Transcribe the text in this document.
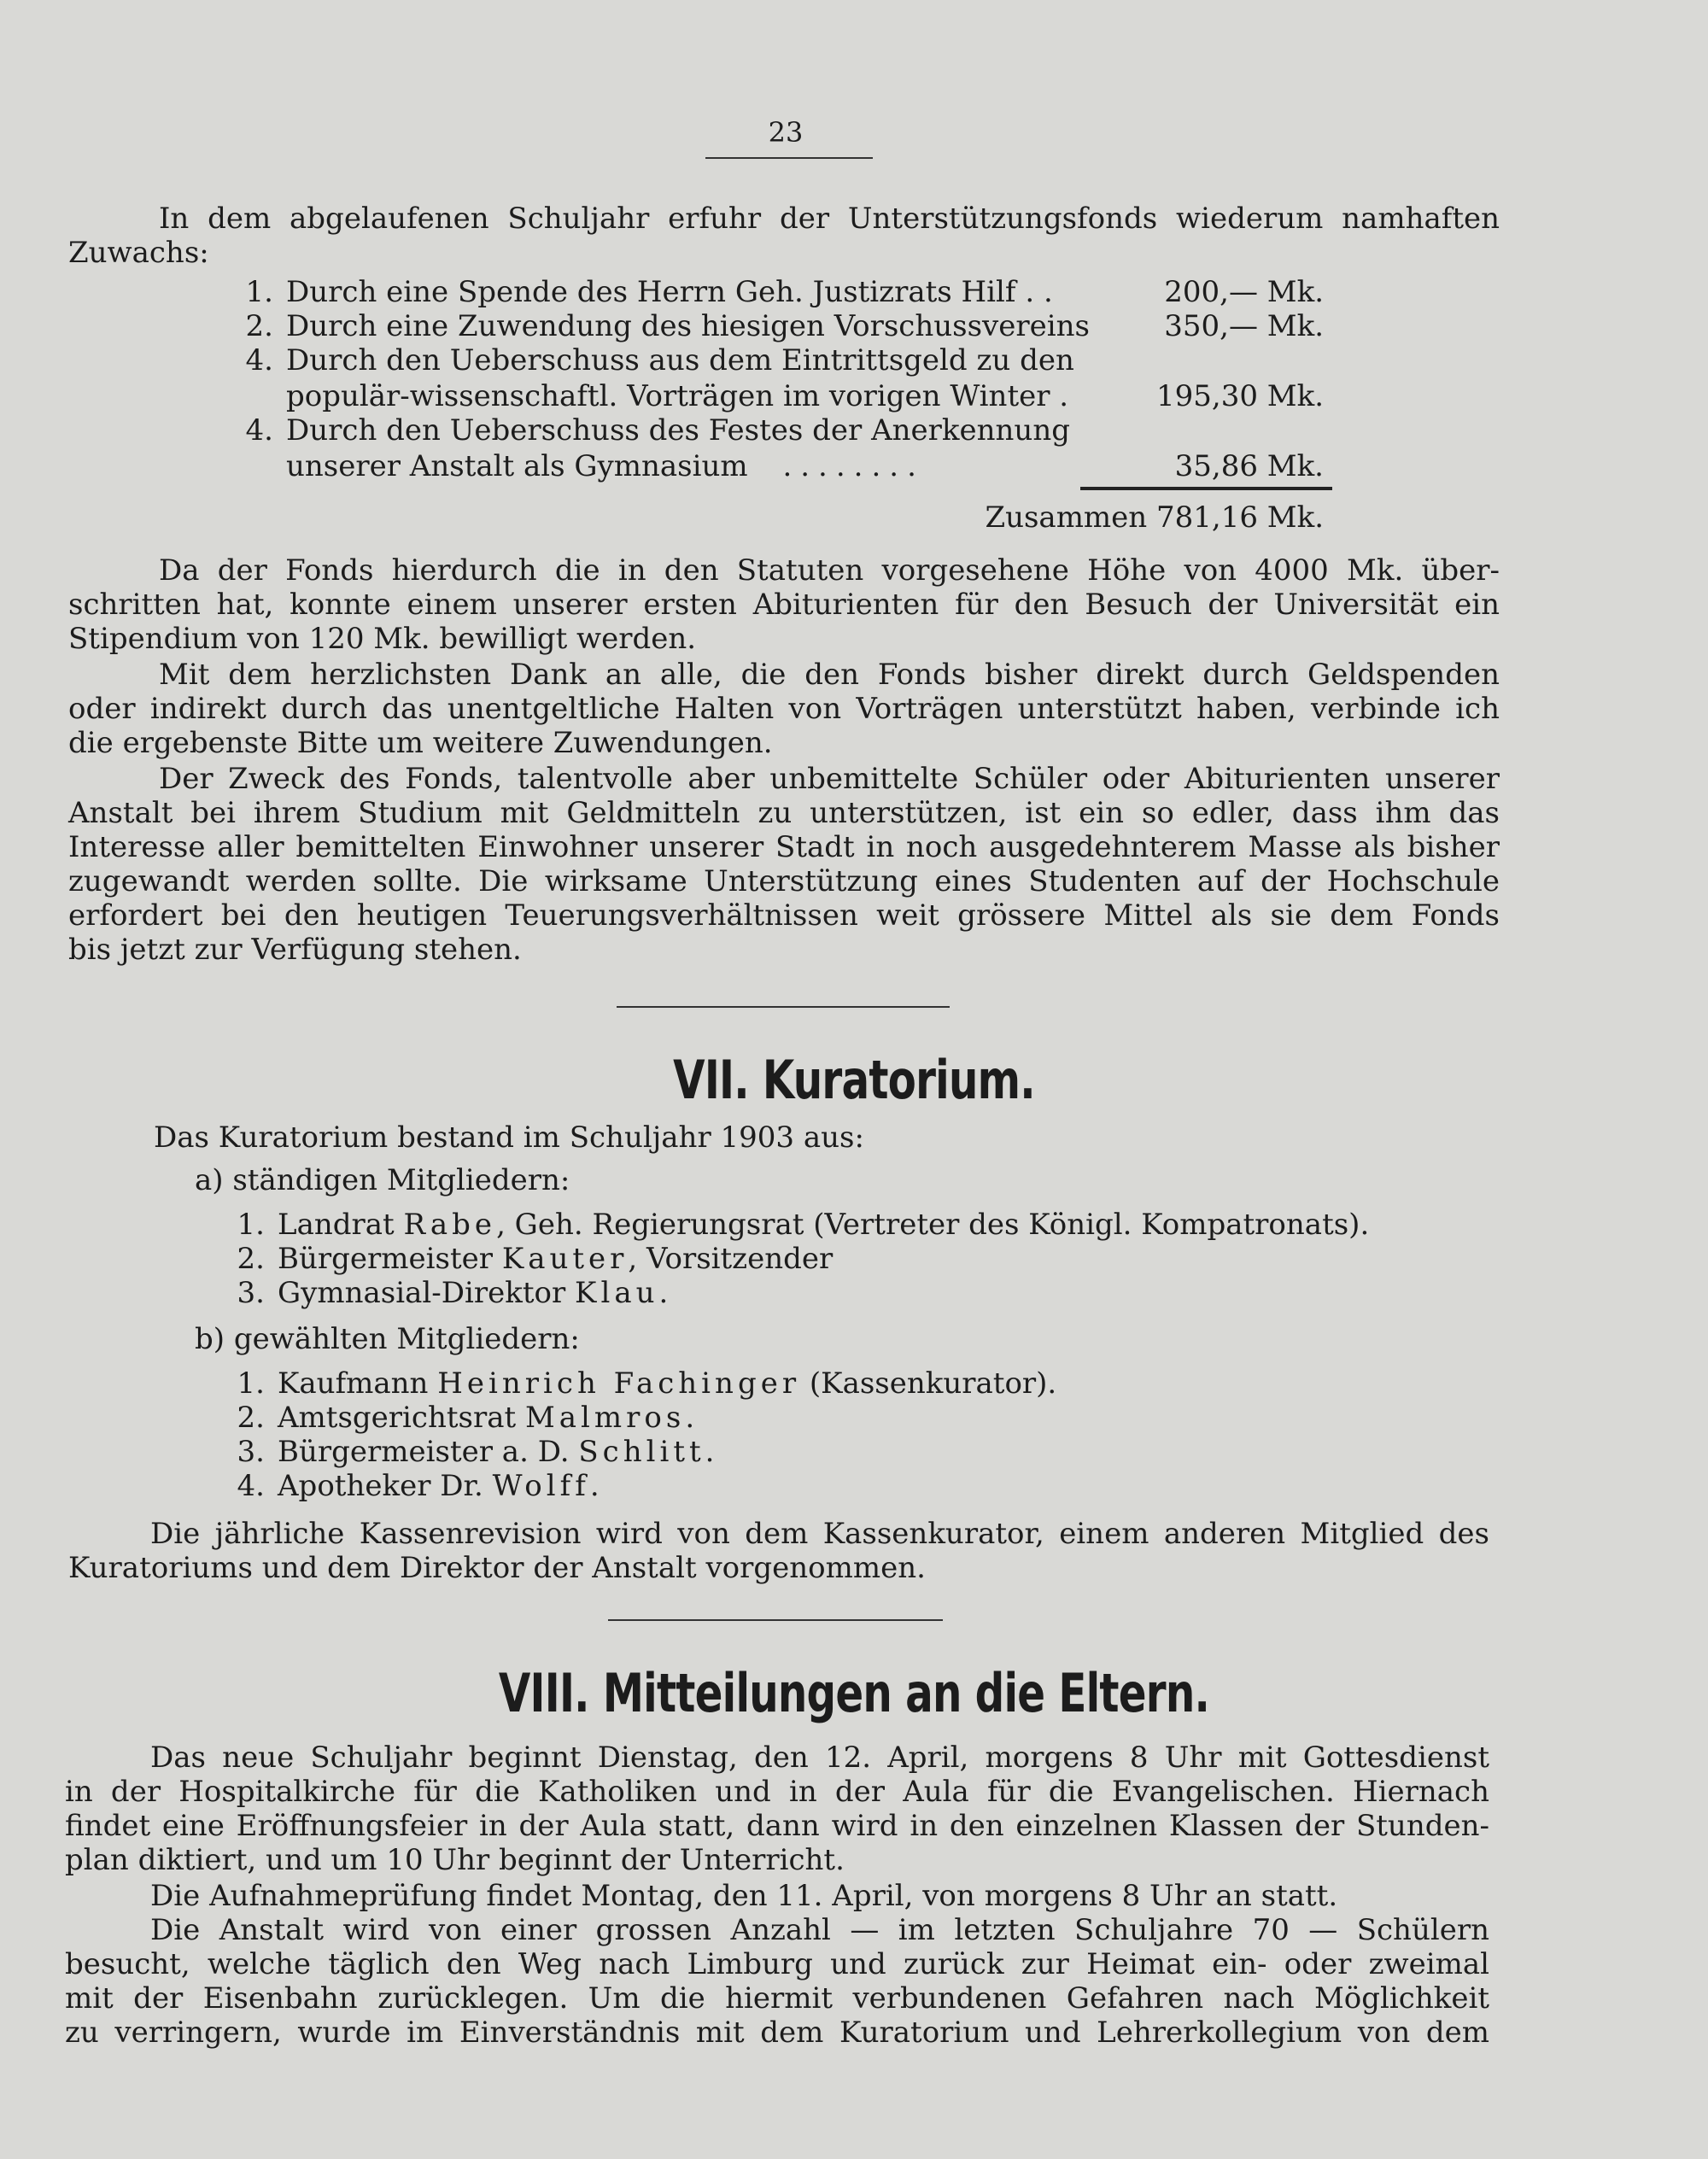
23
In dem abgelaufenen Schuljahr erfuhr der Unterstützungsfonds wiederum namhaften
Zuwachs:
1. Durch eine Spende des Herrn Geh. Justizrats Hilf . .	200,— Mk.
2. Durch eine Zuwendung des hiesigen Vorschussvereins	350,— Mk.
4. Durch den Ueberschuss aus dem Eintrittsgeld zu den
populär-wissenschaftl. Vorträgen im vorigen Winter .	195,30 Mk.
4. Durch den Ueberschuss des Festes der Anerkennung
unserer Anstalt als Gymnasium ........	35,86 Mk.
Zusammen 781,16 Mk.
Da der Fonds hierdurch die in den Statuten vorgesehene Höhe von 4000 Mk. über-
schritten hat, konnte einem unserer ersten Abiturienten für den Besuch der Universität ein
Stipendium von 120 Mk. bewilligt werden.
Mit dem herzlichsten Dank an alle, die den Fonds bisher direkt durch Geldspenden
oder indirekt durch das unentgeltliche Halten von Vorträgen unterstützt haben, verbinde ich
die ergebenste Bitte um weitere Zuwendungen.
Der Zweck des Fonds, talentvolle aber unbemittelte Schüler oder Abiturienten unserer
Anstalt bei ihrem Studium mit Geldmitteln zu unterstützen, ist ein so edler, dass ihm das
Interesse aller bemittelten Einwohner unserer Stadt in noch ausgedehnterem Masse als bisher
zugewandt werden sollte. Die wirksame Unterstützung eines Studenten auf der Hochschule
erfordert bei den heutigen Teuerungsverhältnissen weit grössere Mittel als sie dem Fonds
bis jetzt zur Verfügung stehen.
VII. Kuratorium.
Das Kuratorium bestand im Schuljahr 1903 aus:
a) ständigen Mitgliedern:
1. Landrat Rabe, Geh. Regierungsrat (Vertreter des Königl. Kompatronats).
2. Bürgermeister Kauter, Vorsitzender
3. Gymnasial-Direktor Klau.
b) gewählten Mitgliedern:
1. Kaufmann Heinrich Fachinger (Kassenkurator).
2. Amtsgerichtsrat Malmros.
3. Bürgermeister a. D. Schlitt.
4. Apotheker Dr. Wolff.
Die jährliche Kassenrevision wird von dem Kassenkurator, einem anderen Mitglied des
Kuratoriums und dem Direktor der Anstalt vorgenommen.
VIII. Mitteilungen an die Eltern.
Das neue Schuljahr beginnt Dienstag, den 12. April, morgens 8 Uhr mit Gottesdienst
in der Hospitalkirche für die Katholiken und in der Aula für die Evangelischen. Hiernach
findet eine Eröffnungsfeier in der Aula statt, dann wird in den einzelnen Klassen der Stunden-
plan diktiert, und um 10 Uhr beginnt der Unterricht.
Die Aufnahmeprüfung findet Montag, den 11. April, von morgens 8 Uhr an statt.
Die Anstalt wird von einer grossen Anzahl — im letzten Schuljahre 70 — Schülern
besucht, welche täglich den Weg nach Limburg und zurück zur Heimat ein- oder zweimal
mit der Eisenbahn zurücklegen. Um die hiermit verbundenen Gefahren nach Möglichkeit
zu verringern, wurde im Einverständnis mit dem Kuratorium und Lehrerkollegium von dem
